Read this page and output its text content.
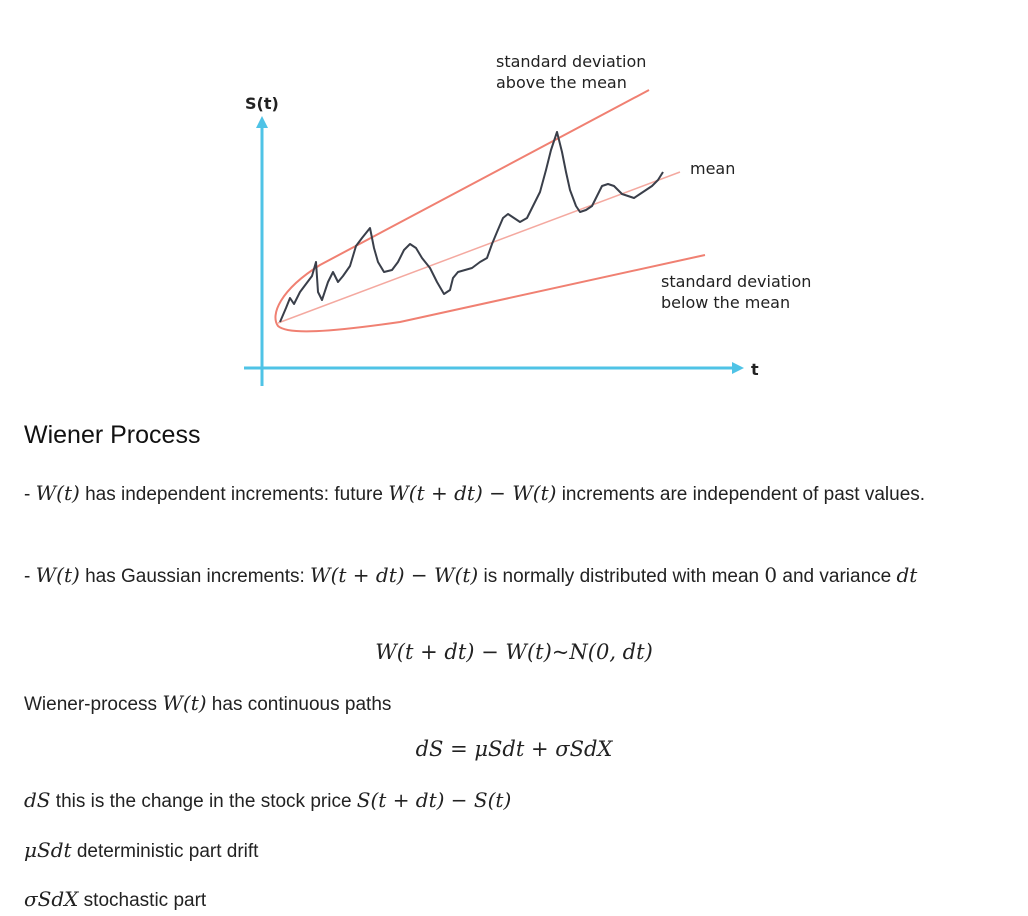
S(t)
t
standard deviation
above the mean
mean
standard deviation
below the mean
Wiener Process
- W(t) has independent increments: future W(t + dt) − W(t) increments are independent of past values.
- W(t) has Gaussian increments: W(t + dt) − W(t) is normally distributed with mean 0 and variance dt
W(t + dt) − W(t)~N(0, dt)
Wiener-process W(t) has continuous paths
dS = μSdt + σSdX
dS this is the change in the stock price S(t + dt) − S(t)
μSdt deterministic part drift
σSdX stochastic part
